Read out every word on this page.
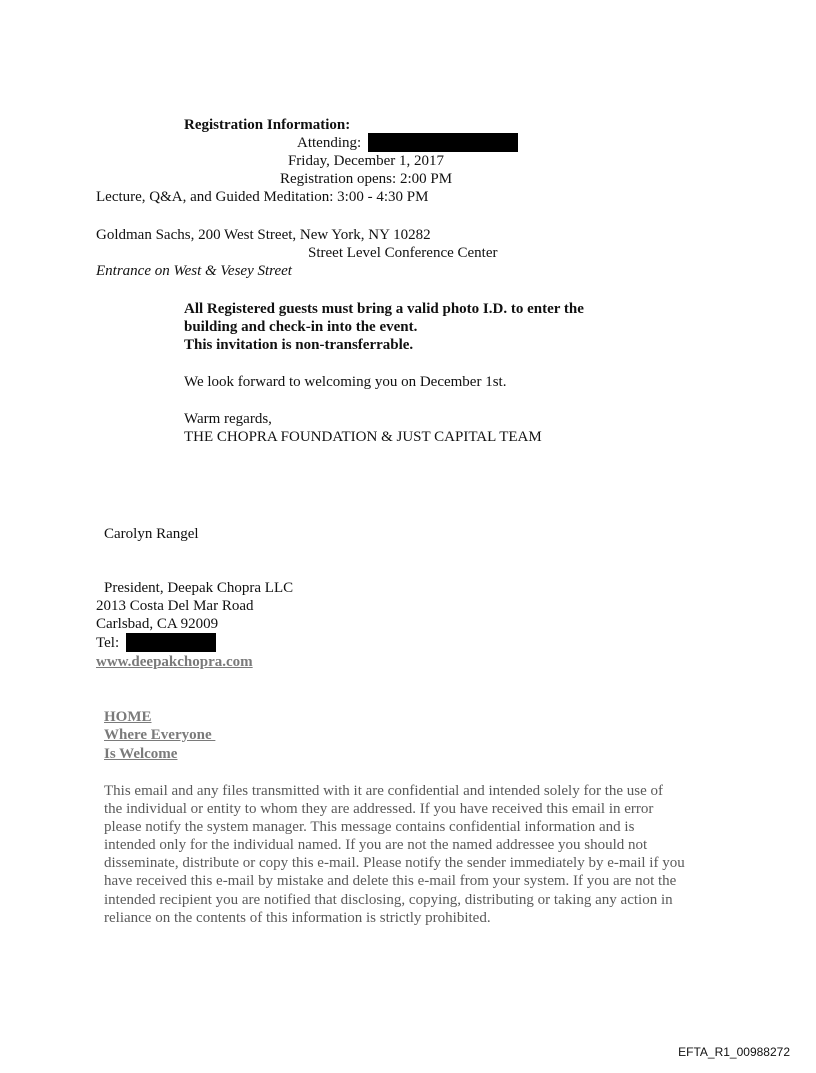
Registration Information:
Attending:
Friday, December 1, 2017
Registration opens: 2:00 PM
Lecture, Q&A, and Guided Meditation: 3:00 - 4:30 PM
Goldman Sachs, 200 West Street, New York, NY 10282
Street Level Conference Center
Entrance on West & Vesey Street
All Registered guests must bring a valid photo I.D. to enter the
building and check-in into the event.
This invitation is non-transferrable.
We look forward to welcoming you on December 1st.
Warm regards,
THE CHOPRA FOUNDATION & JUST CAPITAL TEAM
Carolyn Rangel
President, Deepak Chopra LLC
2013 Costa Del Mar Road
Carlsbad, CA 92009
Tel:
www.deepakchopra.com
HOME
Where Everyone
Is Welcome
This email and any files transmitted with it are confidential and intended solely for the use of
the individual or entity to whom they are addressed. If you have received this email in error
please notify the system manager. This message contains confidential information and is
intended only for the individual named. If you are not the named addressee you should not
disseminate, distribute or copy this e-mail. Please notify the sender immediately by e-mail if you
have received this e-mail by mistake and delete this e-mail from your system. If you are not the
intended recipient you are notified that disclosing, copying, distributing or taking any action in
reliance on the contents of this information is strictly prohibited.
EFTA_R1_00988272
